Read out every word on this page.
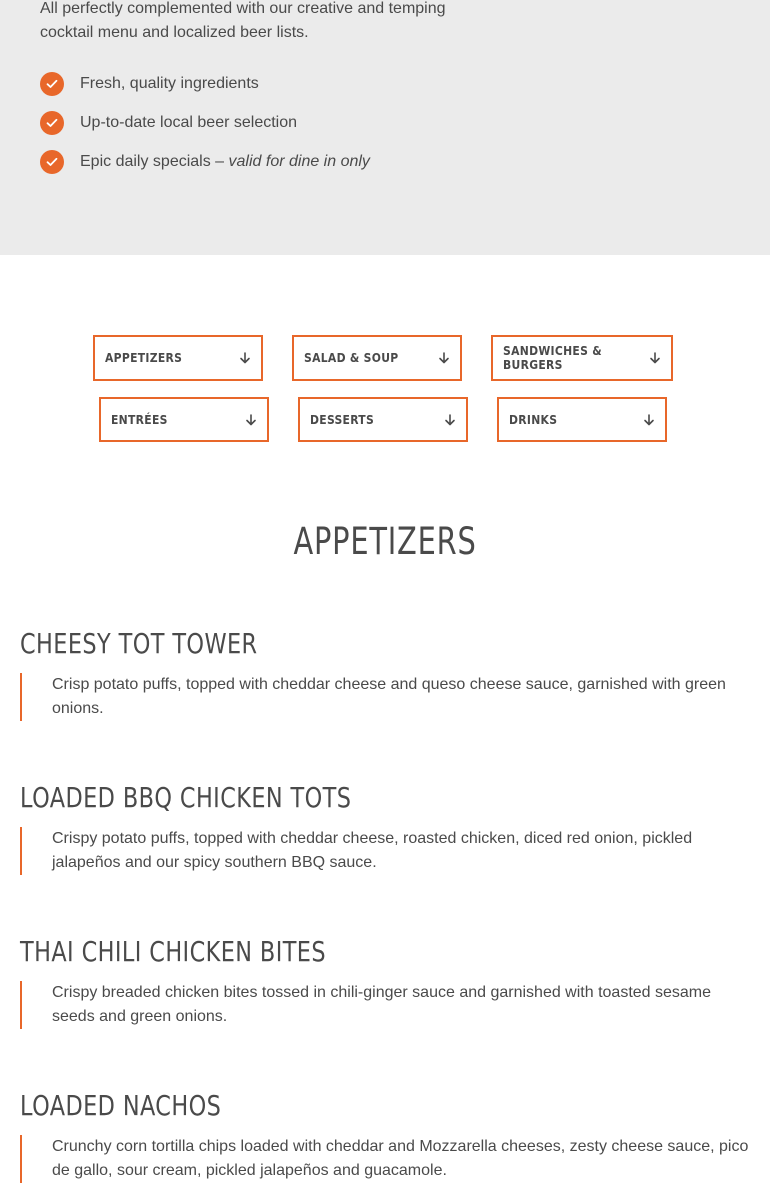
All perfectly complemented with our creative and temping cocktail menu and localized beer lists.
Fresh, quality ingredients
Up-to-date local beer selection
Epic daily specials – valid for dine in only
APPETIZERS	SALAD & SOUP	SANDWICHES & BURGERS
ENTRÉES	DESSERTS	DRINKS
APPETIZERS
CHEESY TOT TOWER
Crisp potato puffs, topped with cheddar cheese and queso cheese sauce, garnished with green onions.
LOADED BBQ CHICKEN TOTS
Crispy potato puffs, topped with cheddar cheese, roasted chicken, diced red onion, pickled jalapeños and our spicy southern BBQ sauce.
THAI CHILI CHICKEN BITES
Crispy breaded chicken bites tossed in chili-ginger sauce and garnished with toasted sesame seeds and green onions.
LOADED NACHOS
Crunchy corn tortilla chips loaded with cheddar and Mozzarella cheeses, zesty cheese sauce, pico de gallo, sour cream, pickled jalapeños and guacamole.
